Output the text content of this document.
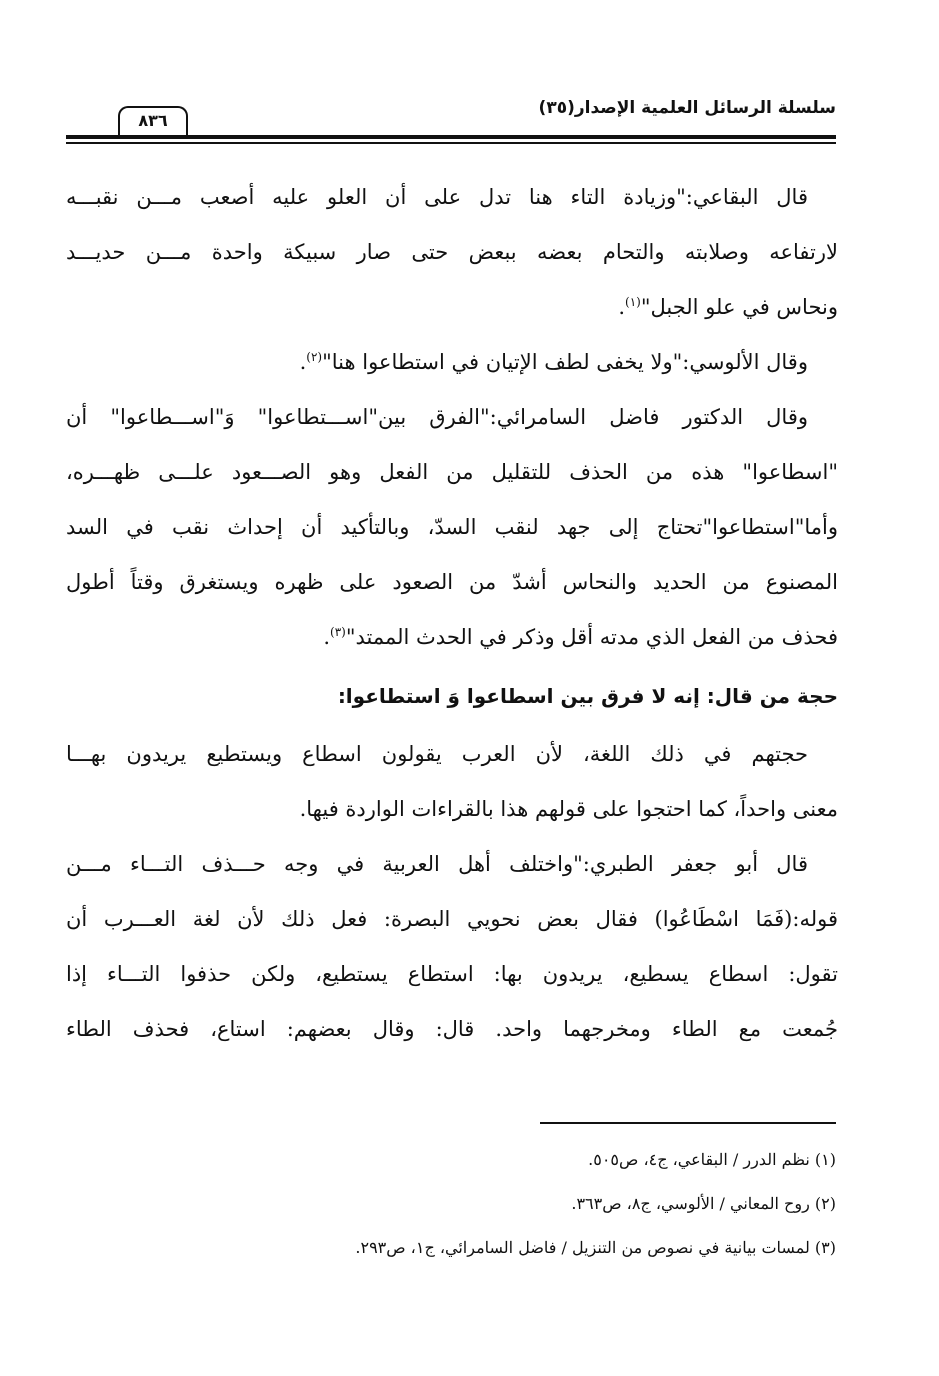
سلسلة الرسائل العلمية الإصدار(٣٥)
٨٣٦
قال البقاعي:"وزيادة التاء هنا تدل على أن العلو عليه أصعب مـــن نقبـــه
لارتفاعه وصلابته والتحام بعضه ببعض حتى صار سبيكة واحدة مـــن حديـــد
ونحاس في علو الجبل"$^{(١)}$.
وقال الألوسي:"ولا يخفى لطف الإتيان في استطاعوا هنا"$^{(٢)}$.
وقال الدكتور فاضل السامرائي:"الفرق بين"اســـتطاعوا" وَ"اســـطاعوا" أن
"اسطاعوا" هذه من الحذف للتقليل من الفعل وهو الصـــعود علـــى ظهـــره،
وأما"استطاعوا"تحتاج إلى جهد لنقب السدّ، وبالتأكيد أن إحداث نقب في السد
المصنوع من الحديد والنحاس أشدّ من الصعود على ظهره ويستغرق وقتاً أطول
فحذف من الفعل الذي مدته أقل وذكر في الحدث الممتد"$^{(٣)}$.
حجة من قال: إنه لا فرق بين اسطاعوا وَ استطاعوا:
حجتهم في ذلك اللغة، لأن العرب يقولون اسطاع ويستطيع يريدون بهـــا
معنى واحداً، كما احتجوا على قولهم هذا بالقراءات الواردة فيها.
قال أبو جعفر الطبري:"واختلف أهل العربية في وجه حـــذف التـــاء مـــن
قوله:(فَمَا اسْطَاعُوا) فقال بعض نحويي البصرة: فعل ذلك لأن لغة العـــرب أن
تقول: اسطاع يسطيع، يريدون بها: استطاع يستطيع، ولكن حذفوا التـــاء إذا
جُمعت مع الطاء ومخرجهما واحد. قال: وقال بعضهم: استاع، فحذف الطاء
(١) نظم الدرر / البقاعي، ج٤، ص٥٠٥.
(٢) روح المعاني / الألوسي، ج٨، ص٣٦٣.
(٣) لمسات بيانية في نصوص من التنزيل / فاضل السامرائي، ج١، ص٢٩٣.
